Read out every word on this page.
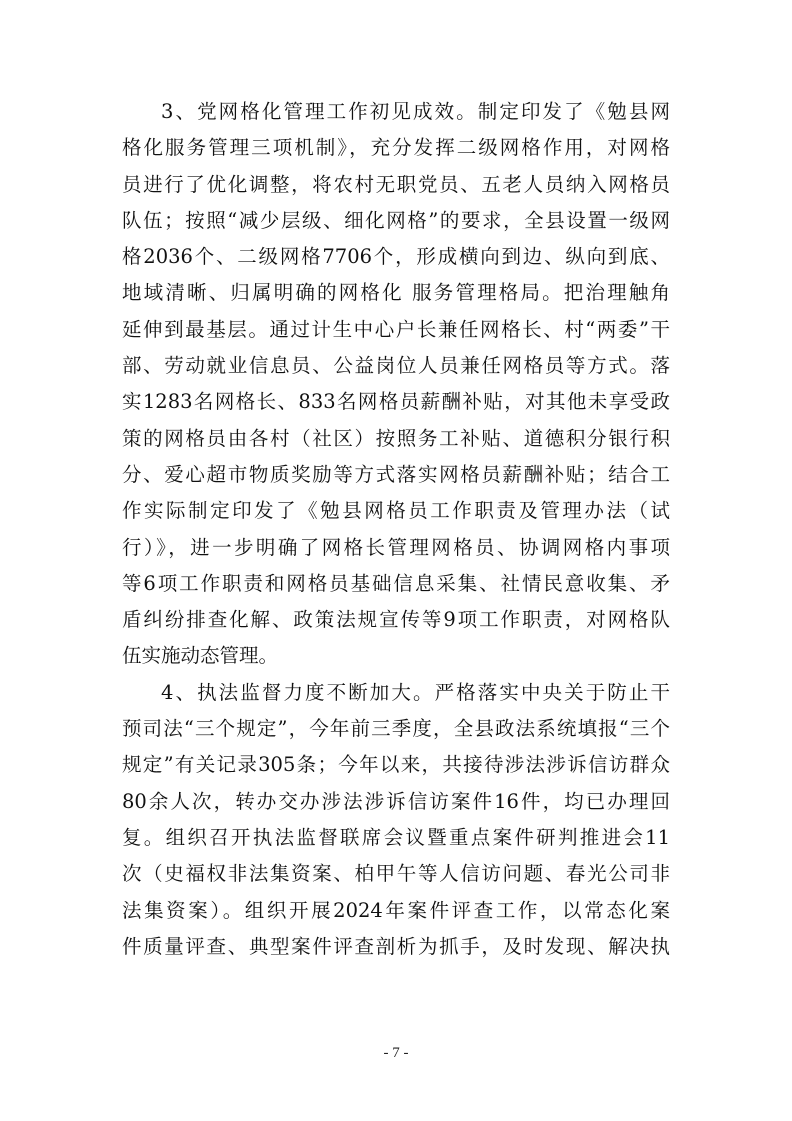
3、党网格化管理工作初见成效。制定印发了《勉县网
格化服务管理三项机制》，充分发挥二级网格作用，对网格
员进行了优化调整，将农村无职党员、五老人员纳入网格员
队伍；按照“减少层级、细化网格”的要求，全县设置一级网
格2036个、二级网格7706个，形成横向到边、纵向到底、
地域清晰、归属明确的网格化 服务管理格局。把治理触角
延伸到最基层。通过计生中心户长兼任网格长、村“两委”干
部、劳动就业信息员、公益岗位人员兼任网格员等方式。落
实1283名网格长、833名网格员薪酬补贴，对其他未享受政
策的网格员由各村（社区）按照务工补贴、道德积分银行积
分、爱心超市物质奖励等方式落实网格员薪酬补贴；结合工
作实际制定印发了《勉县网格员工作职责及管理办法（试
行）》，进一步明确了网格长管理网格员、协调网格内事项
等6项工作职责和网格员基础信息采集、社情民意收集、矛
盾纠纷排查化解、政策法规宣传等9项工作职责，对网格队
伍实施动态管理。
4、执法监督力度不断加大。严格落实中央关于防止干
预司法“三个规定”，今年前三季度，全县政法系统填报“三个
规定”有关记录305条；今年以来，共接待涉法涉诉信访群众
80余人次，转办交办涉法涉诉信访案件16件，均已办理回
复。组织召开执法监督联席会议暨重点案件研判推进会11
次（史福权非法集资案、柏甲午等人信访问题、春光公司非
法集资案）。组织开展2024年案件评查工作，以常态化案
件质量评查、典型案件评查剖析为抓手，及时发现、解决执
- 7 -
